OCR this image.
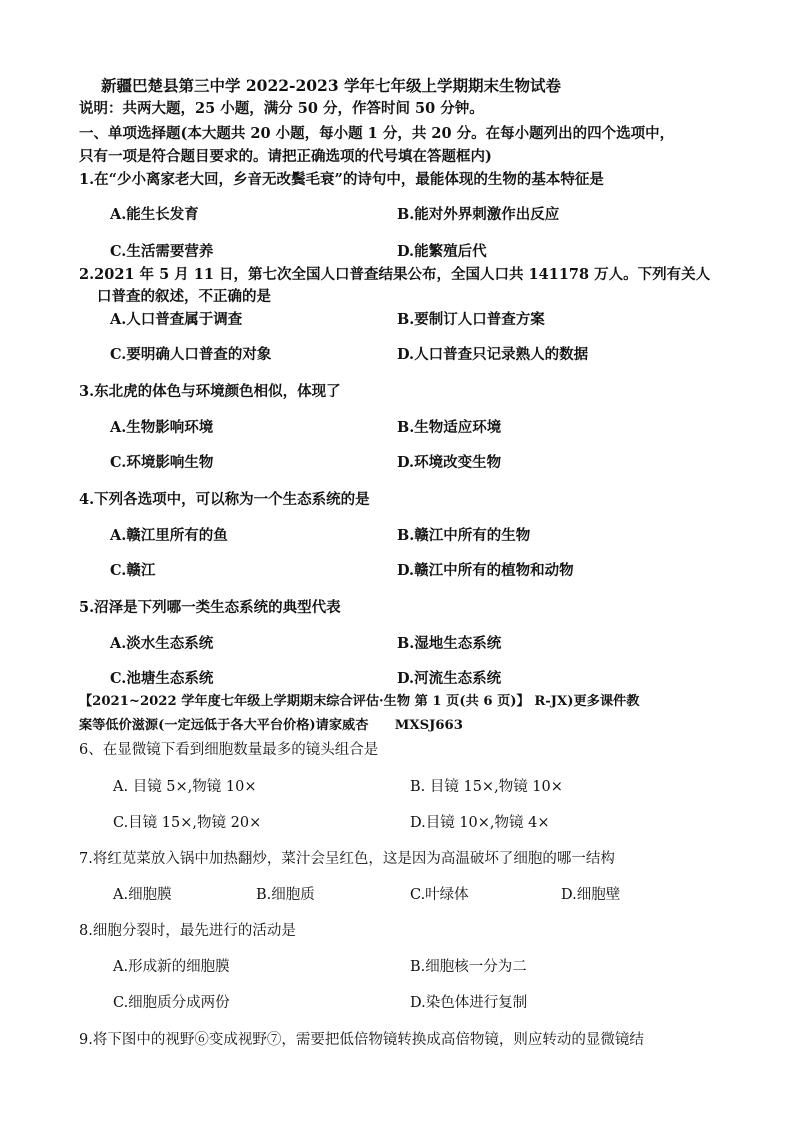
新疆巴楚县第三中学 2022-2023 学年七年级上学期期末生物试卷
说明：共两大题，25 小题，满分 50 分，作答时间 50 分钟。
一、单项选择题(本大题共 20 小题，每小题 1 分，共 20 分。在每小题列出的四个选项中，
只有一项是符合题目要求的。请把正确选项的代号填在答题框内)
1.在“少小离家老大回，乡音无改鬓毛衰”的诗句中，最能体现的生物的基本特征是
A.能生长发育	B.能对外界刺激作出反应
C.生活需要营养	D.能繁殖后代
2.2021 年 5 月 11 日，第七次全国人口普查结果公布，全国人口共 141178 万人。下列有关人
口普查的叙述，不正确的是
A.人口普查属于调查	B.要制订人口普查方案
C.要明确人口普查的对象	D.人口普查只记录熟人的数据
3.东北虎的体色与环境颜色相似，体现了
A.生物影响环境	B.生物适应环境
C.环境影响生物	D.环境改变生物
4.下列各选项中，可以称为一个生态系统的是
A.赣江里所有的鱼	B.赣江中所有的生物
C.赣江	D.赣江中所有的植物和动物
5.沼泽是下列哪一类生态系统的典型代表
A.淡水生态系统	B.湿地生态系统
C.池塘生态系统	D.河流生态系统
【2021~2022 学年度七年级上学期期末综合评估·生物 第 1 页(共 6 页)】 R-JX)更多课件教
案等低价滋源(一定远低于各大平台价格)请家威杏　　MXSJ663
6、在显微镜下看到细胞数量最多的镜头组合是
A. 目镜 5×,物镜 10×	B. 目镜 15×,物镜 10×
C.目镜 15×,物镜 20×	D.目镜 10×,物镜 4×
7.将红苋菜放入锅中加热翻炒，菜汁会呈红色，这是因为高温破坏了细胞的哪一结构
A.细胞膜	B.细胞质	C.叶绿体	D.细胞壁
8.细胞分裂时，最先进行的活动是
A.形成新的细胞膜	B.细胞核一分为二
C.细胞质分成两份	D.染色体进行复制
9.将下图中的视野⑥变成视野⑦，需要把低倍物镜转换成高倍物镜，则应转动的显微镜结
